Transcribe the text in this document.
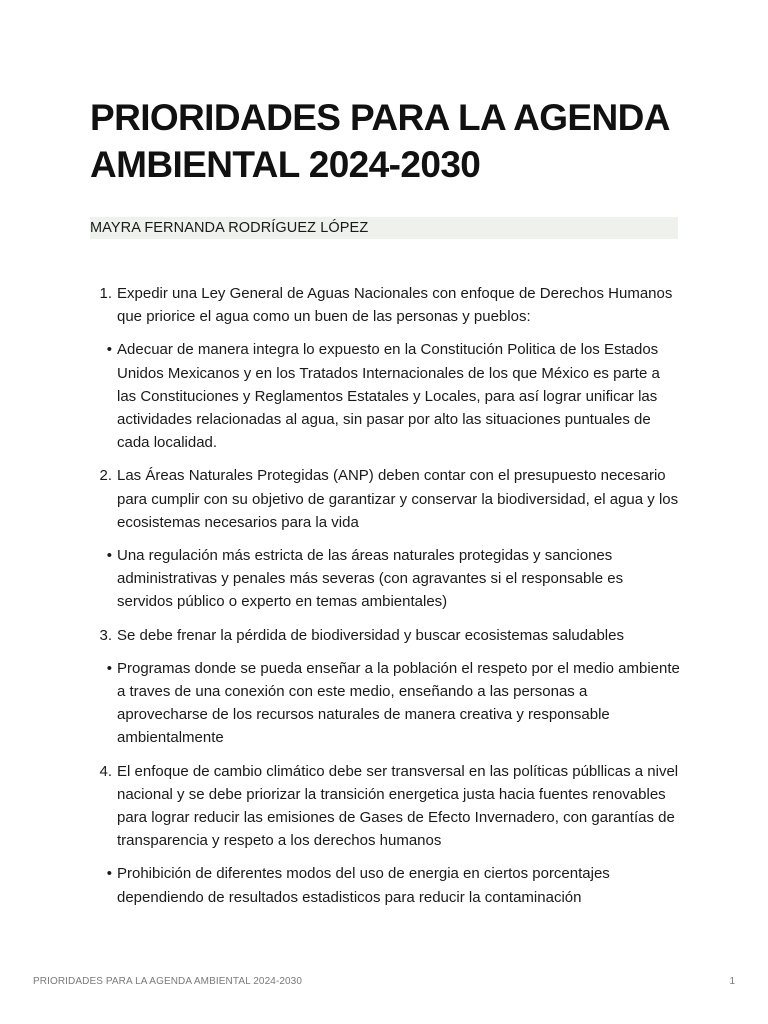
PRIORIDADES PARA LA AGENDA AMBIENTAL 2024-2030
MAYRA FERNANDA RODRÍGUEZ LÓPEZ
1. Expedir una Ley General de Aguas Nacionales con enfoque de Derechos Humanos que priorice el agua como un buen de las personas y pueblos:
• Adecuar de manera integra lo expuesto en la Constitución Politica de los Estados Unidos Mexicanos y en los Tratados Internacionales de los que México es parte a las Constituciones y Reglamentos Estatales y Locales, para así lograr unificar las actividades relacionadas al agua, sin pasar por alto las situaciones puntuales de cada localidad.
2. Las Áreas Naturales Protegidas (ANP) deben contar con el presupuesto necesario para cumplir con su objetivo de garantizar y conservar la biodiversidad, el agua y los ecosistemas necesarios para la vida
• Una regulación más estricta de las áreas naturales protegidas y sanciones administrativas y penales más severas (con agravantes si el responsable es servidos público o experto en temas ambientales)
3. Se debe frenar la pérdida de biodiversidad y buscar ecosistemas saludables
• Programas donde se pueda enseñar a la población el respeto por el medio ambiente a traves de una conexión con este medio, enseñando a las personas a aprovecharse de los recursos naturales de manera creativa y responsable ambientalmente
4. El enfoque de cambio climático debe ser transversal en las políticas públlicas a nivel nacional y se debe priorizar la transición energetica justa hacia fuentes renovables para lograr reducir las emisiones de Gases de Efecto Invernadero, con garantías de transparencia y respeto a los derechos humanos
• Prohibición de diferentes modos del uso de energia en ciertos porcentajes dependiendo de resultados estadisticos para reducir la contaminación
PRIORIDADES PARA LA AGENDA AMBIENTAL 2024-2030	1
